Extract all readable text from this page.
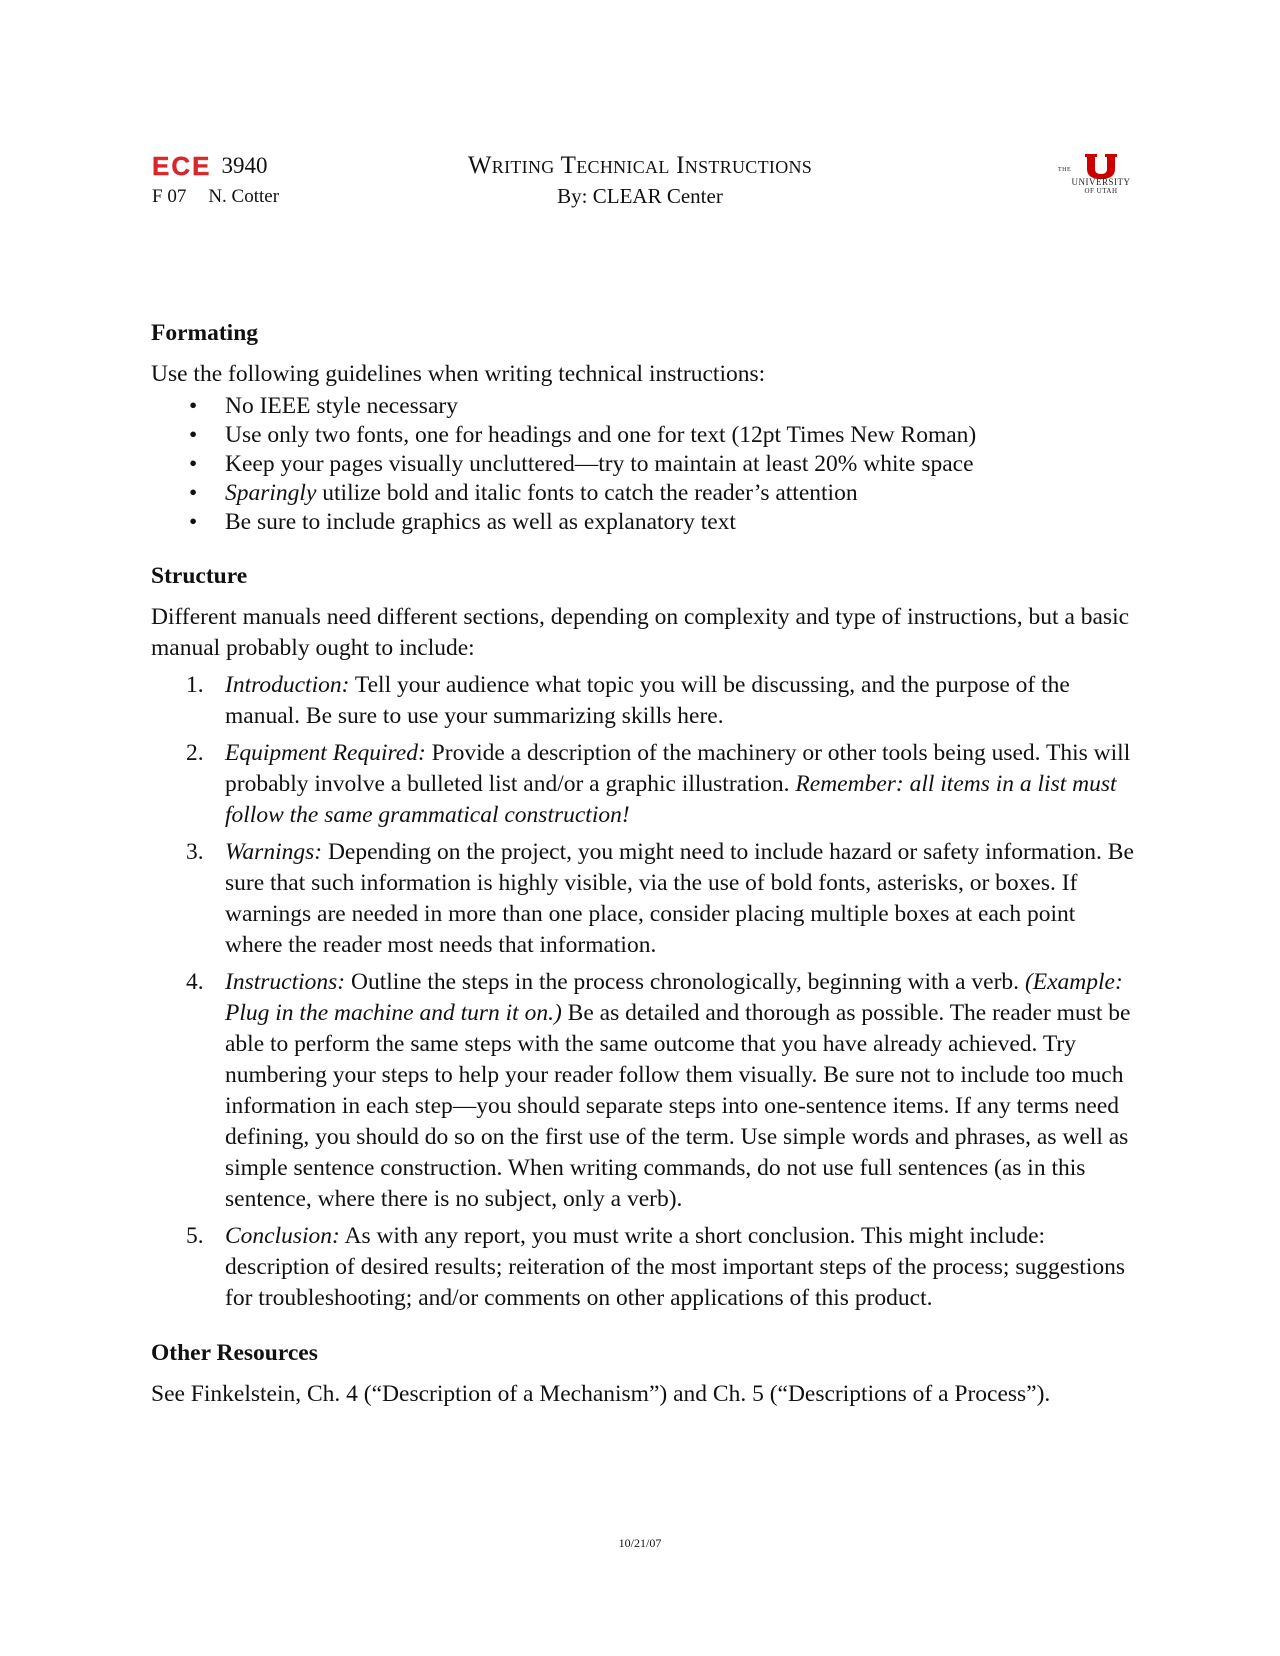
ECE 3940
F 07 N. Cotter
Writing Technical Instructions
By: CLEAR Center
THE
UNIVERSITY
OF UTAH
Formating

Use the following guidelines when writing technical instructions:

• No IEEE style necessary
• Use only two fonts, one for headings and one for text (12pt Times New Roman)
• Keep your pages visually uncluttered—try to maintain at least 20% white space
• Sparingly utilize bold and italic fonts to catch the reader’s attention
• Be sure to include graphics as well as explanatory text
Structure

Different manuals need different sections, depending on complexity and type of instructions, but a basic manual probably ought to include:

1. Introduction: Tell your audience what topic you will be discussing, and the purpose of the manual. Be sure to use your summarizing skills here.
2. Equipment Required: Provide a description of the machinery or other tools being used. This will probably involve a bulleted list and/or a graphic illustration. Remember: all items in a list must follow the same grammatical construction!
3. Warnings: Depending on the project, you might need to include hazard or safety information. Be sure that such information is highly visible, via the use of bold fonts, asterisks, or boxes. If warnings are needed in more than one place, consider placing multiple boxes at each point where the reader most needs that information.
4. Instructions: Outline the steps in the process chronologically, beginning with a verb. (Example: Plug in the machine and turn it on.) Be as detailed and thorough as possible. The reader must be able to perform the same steps with the same outcome that you have already achieved. Try numbering your steps to help your reader follow them visually. Be sure not to include too much information in each step—you should separate steps into one-sentence items. If any terms need defining, you should do so on the first use of the term. Use simple words and phrases, as well as simple sentence construction. When writing commands, do not use full sentences (as in this sentence, where there is no subject, only a verb).
5. Conclusion: As with any report, you must write a short conclusion. This might include: description of desired results; reiteration of the most important steps of the process; suggestions for troubleshooting; and/or comments on other applications of this product.
Other Resources

See Finkelstein, Ch. 4 (“Description of a Mechanism”) and Ch. 5 (“Descriptions of a Process”).

10/21/07
